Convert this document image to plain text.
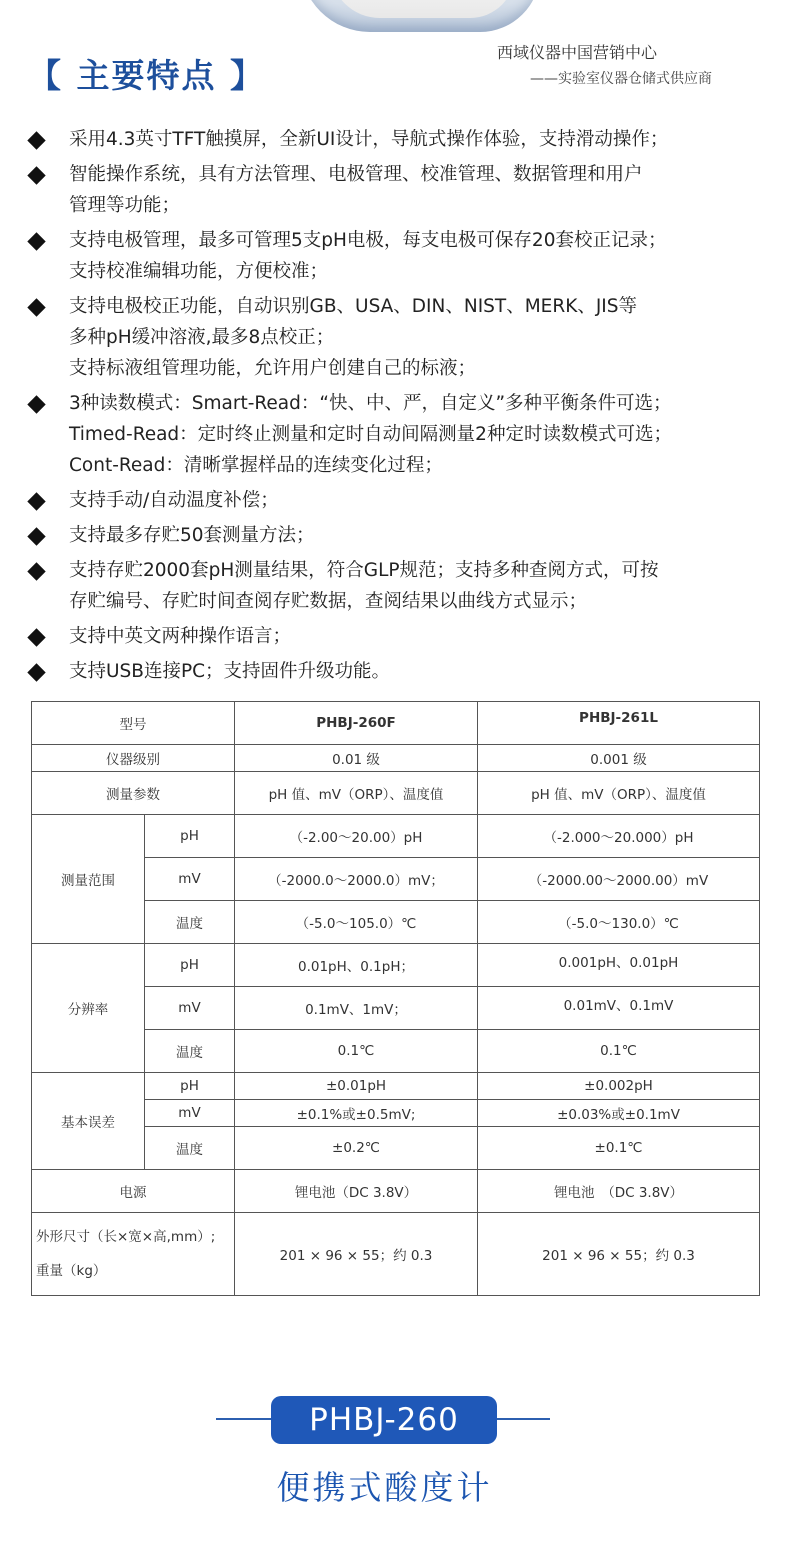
【 主要特点 】
西域仪器中国营销中心
——实验室仪器仓储式供应商
采用4.3英寸TFT触摸屏，全新UI设计，导航式操作体验，支持滑动操作；
智能操作系统，具有方法管理、电极管理、校准管理、数据管理和用户
管理等功能；
支持电极管理，最多可管理5支pH电极，每支电极可保存20套校正记录；
支持校准编辑功能，方便校准；
支持电极校正功能，自动识别GB、USA、DIN、NIST、MERK、JIS等
多种pH缓冲溶液,最多8点校正；
支持标液组管理功能，允许用户创建自己的标液；
3种读数模式：Smart-Read：“快、中、严，自定义”多种平衡条件可选；
Timed-Read：定时终止测量和定时自动间隔测量2种定时读数模式可选；
Cont-Read：清晰掌握样品的连续变化过程；
支持手动/自动温度补偿；
支持最多存贮50套测量方法；
支持存贮2000套pH测量结果，符合GLP规范；支持多种查阅方式，可按
存贮编号、存贮时间查阅存贮数据，查阅结果以曲线方式显示；
支持中英文两种操作语言；
支持USB连接PC；支持固件升级功能。
型号		PHBJ-260F	PHBJ-261L
仪器级别		0.01 级	0.001 级
测量参数		pH 值、mV（ORP）、温度值	pH 值、mV（ORP）、温度值
测量范围	pH	（-2.00～20.00）pH	（-2.000～20.000）pH
	mV	（-2000.0～2000.0）mV；	（-2000.00～2000.00）mV
	温度	（-5.0～105.0）℃	（-5.0～130.0）℃
分辨率	pH	0.01pH、0.1pH；	0.001pH、0.01pH
	mV	0.1mV、1mV；	0.01mV、0.1mV
	温度	0.1℃	0.1℃
基本误差	pH	±0.01pH	±0.002pH
	mV	±0.1%或±0.5mV;	±0.03%或±0.1mV
	温度	±0.2℃	±0.1℃
电源		锂电池（DC 3.8V）	锂电池　（DC 3.8V）
外形尺寸（长×宽×高,mm）;
重量（kg）		201 × 96 × 55；约 0.3	201 × 96 × 55；约 0.3
PHBJ-260
便携式酸度计
